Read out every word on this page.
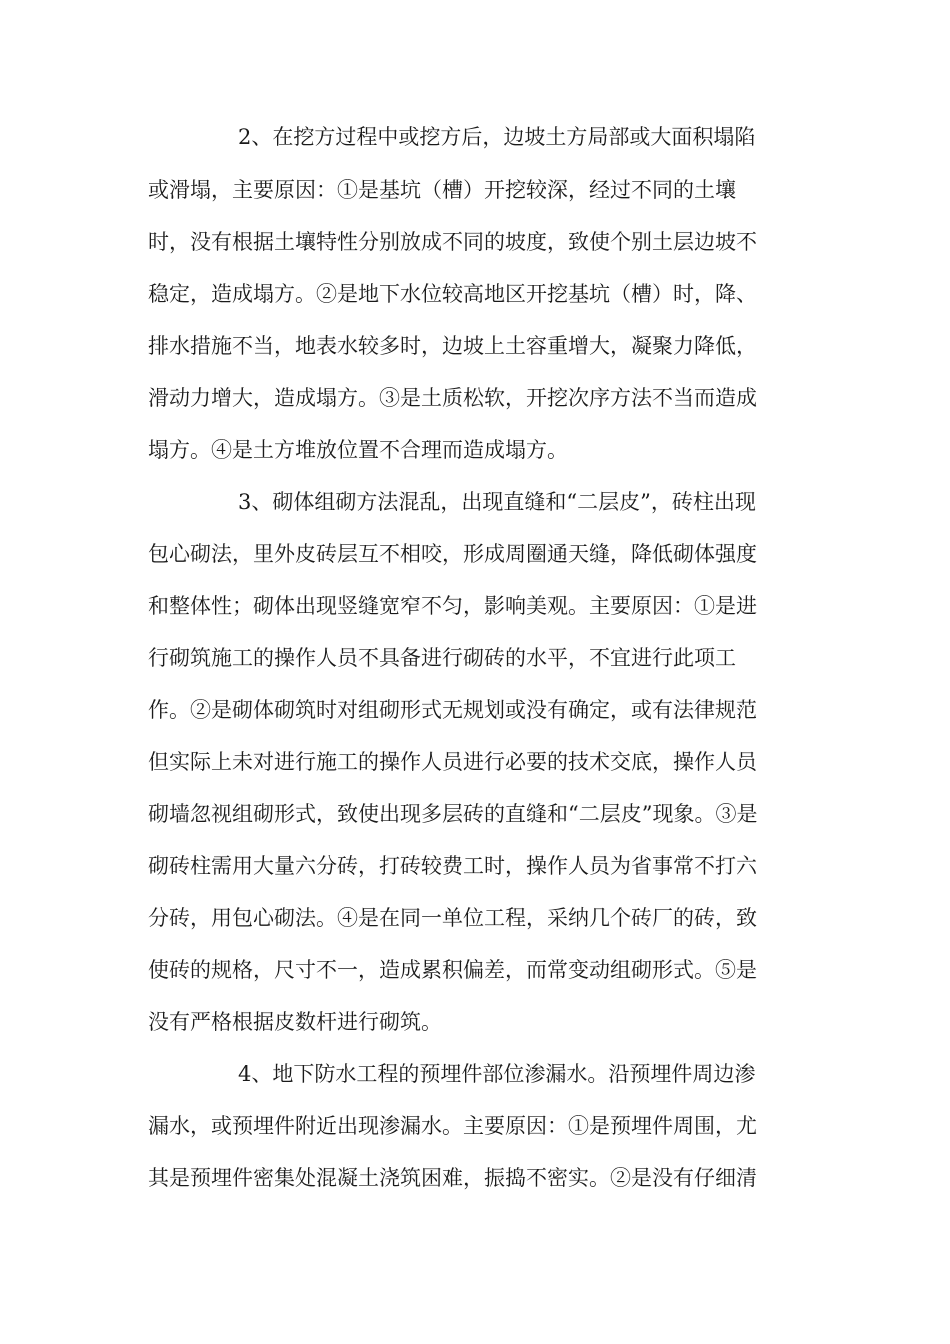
2、在挖方过程中或挖方后，边坡土方局部或大面积塌陷

或滑塌，主要原因：①是基坑（槽）开挖较深，经过不同的土壤

时，没有根据土壤特性分别放成不同的坡度，致使个别土层边坡不

稳定，造成塌方。②是地下水位较高地区开挖基坑（槽）时，降、

排水措施不当，地表水较多时，边坡上土容重增大，凝聚力降低，

滑动力增大，造成塌方。③是土质松软，开挖次序方法不当而造成

塌方。④是土方堆放位置不合理而造成塌方。

3、砌体组砌方法混乱，出现直缝和“二层皮”，砖柱出现

包心砌法，里外皮砖层互不相咬，形成周圈通天缝，降低砌体强度

和整体性；砌体出现竖缝宽窄不匀，影响美观。主要原因：①是进

行砌筑施工的操作人员不具备进行砌砖的水平，不宜进行此项工

作。②是砌体砌筑时对组砌形式无规划或没有确定，或有法律规范

但实际上未对进行施工的操作人员进行必要的技术交底，操作人员

砌墙忽视组砌形式，致使出现多层砖的直缝和“二层皮”现象。③是

砌砖柱需用大量六分砖，打砖较费工时，操作人员为省事常不打六

分砖，用包心砌法。④是在同一单位工程，采纳几个砖厂的砖，致

使砖的规格，尺寸不一，造成累积偏差，而常变动组砌形式。⑤是

没有严格根据皮数杆进行砌筑。

4、地下防水工程的预埋件部位渗漏水。沿预埋件周边渗

漏水，或预埋件附近出现渗漏水。主要原因：①是预埋件周围，尤

其是预埋件密集处混凝土浇筑困难，振捣不密实。②是没有仔细清
